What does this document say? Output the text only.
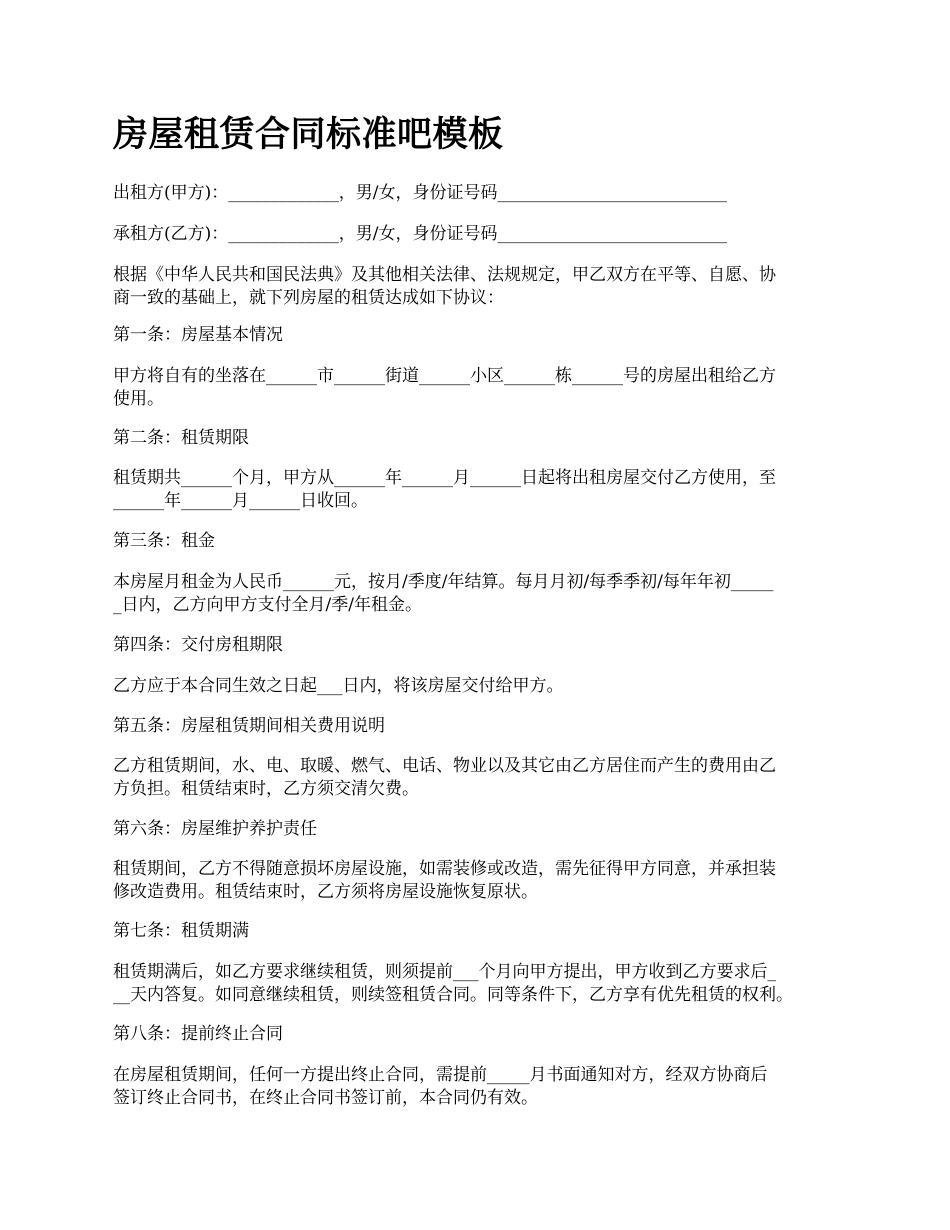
房屋租赁合同标准吧模板
出租方(甲方)：_____________，男/女，身份证号码___________________________
承租方(乙方)：_____________，男/女，身份证号码___________________________
根据《中华人民共和国民法典》及其他相关法律、法规规定，甲乙双方在平等、自愿、协
商一致的基础上，就下列房屋的租赁达成如下协议：
第一条：房屋基本情况
甲方将自有的坐落在______市______街道______小区______栋______号的房屋出租给乙方
使用。
第二条：租赁期限
租赁期共______个月，甲方从______年______月______日起将出租房屋交付乙方使用，至
______年______月______日收回。
第三条：租金
本房屋月租金为人民币______元，按月/季度/年结算。每月月初/每季季初/每年年初_____
_日内，乙方向甲方支付全月/季/年租金。
第四条：交付房租期限
乙方应于本合同生效之日起___日内，将该房屋交付给甲方。
第五条：房屋租赁期间相关费用说明
乙方租赁期间，水、电、取暖、燃气、电话、物业以及其它由乙方居住而产生的费用由乙
方负担。租赁结束时，乙方须交清欠费。
第六条：房屋维护养护责任
租赁期间，乙方不得随意损坏房屋设施，如需装修或改造，需先征得甲方同意，并承担装
修改造费用。租赁结束时，乙方须将房屋设施恢复原状。
第七条：租赁期满
租赁期满后，如乙方要求继续租赁，则须提前___个月向甲方提出，甲方收到乙方要求后_
__天内答复。如同意继续租赁，则续签租赁合同。同等条件下，乙方享有优先租赁的权利。
第八条：提前终止合同
在房屋租赁期间，任何一方提出终止合同，需提前_____月书面通知对方，经双方协商后
签订终止合同书，在终止合同书签订前，本合同仍有效。
